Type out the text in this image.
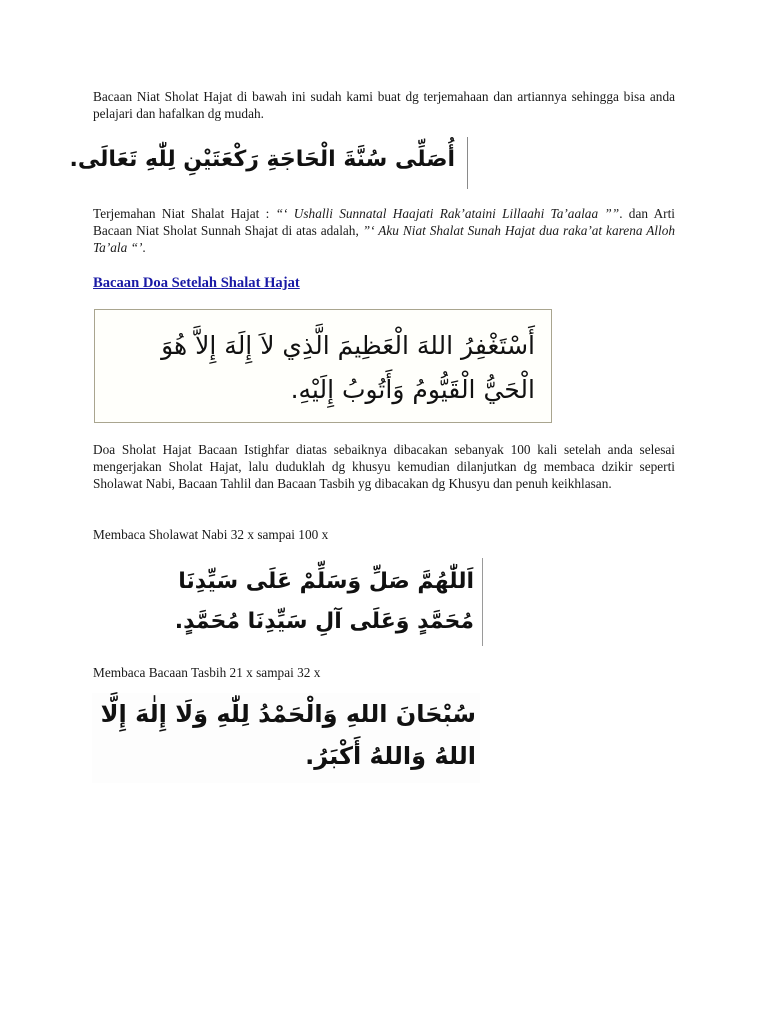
Bacaan Niat Sholat Hajat di bawah ini sudah kami buat dg terjemahaan dan artiannya sehingga bisa anda pelajari dan hafalkan dg mudah.

أُصَلِّى سُنَّةَ الْحَاجَةِ رَكْعَتَيْنِ لِلّٰهِ تَعَالَى.

Terjemahan Niat Shalat Hajat : “‘ Ushalli Sunnatal Haajati Rak’ataini Lillaahi Ta’aalaa ””. dan Arti Bacaan Niat Sholat Sunnah Shajat di atas adalah, ”‘ Aku Niat Shalat Sunah Hajat dua raka’at karena Alloh Ta’ala “’.

Bacaan Doa Setelah Shalat Hajat
أَسْتَغْفِرُ اللهَ الْعَظِيمَ الَّذِي لاَ إِلَهَ إِلاَّ هُوَ الْحَيُّ الْقَيُّومُ وَأَتُوبُ إِلَيْهِ.

Doa Sholat Hajat Bacaan Istighfar diatas sebaiknya dibacakan sebanyak 100 kali setelah anda selesai mengerjakan Sholat Hajat, lalu duduklah dg khusyu kemudian dilanjutkan dg membaca dzikir seperti Sholawat Nabi, Bacaan Tahlil dan Bacaan Tasbih yg dibacakan dg Khusyu dan penuh keikhlasan.

Membaca Sholawat Nabi 32 x sampai 100 x

اَللّٰهُمَّ صَلِّ وَسَلِّمْ عَلَى سَيِّدِنَا مُحَمَّدٍ وَعَلَى آلِ سَيِّدِنَا مُحَمَّدٍ.

Membaca Bacaan Tasbih 21 x sampai 32 x

سُبْحَانَ اللهِ وَالْحَمْدُ لِلّٰهِ وَلَا إِلٰهَ إِلَّا اللهُ وَاللهُ أَكْبَرُ.
